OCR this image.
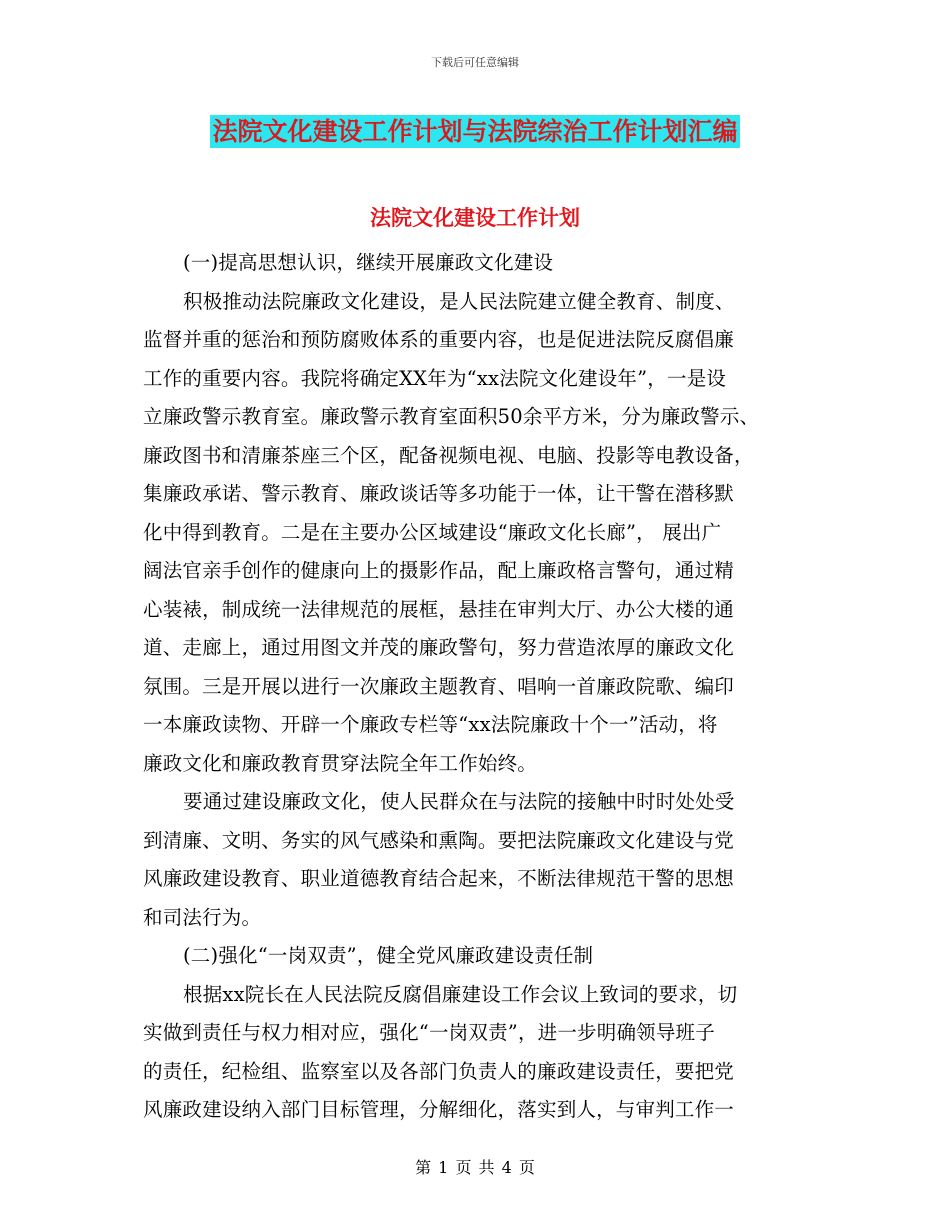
下载后可任意编辑
法院文化建设工作计划与法院综治工作计划汇编
法院文化建设工作计划
(一)提高思想认识，继续开展廉政文化建设
积极推动法院廉政文化建设，是人民法院建立健全教育、制度、
监督并重的惩治和预防腐败体系的重要内容，也是促进法院反腐倡廉
工作的重要内容。我院将确定XX年为“xx法院文化建设年”，一是设
立廉政警示教育室。廉政警示教育室面积50余平方米，分为廉政警示、
廉政图书和清廉茶座三个区，配备视频电视、电脑、投影等电教设备，
集廉政承诺、警示教育、廉政谈话等多功能于一体，让干警在潜移默
化中得到教育。二是在主要办公区域建设“廉政文化长廊”， 展出广
阔法官亲手创作的健康向上的摄影作品，配上廉政格言警句，通过精
心装裱，制成统一法律规范的展框，悬挂在审判大厅、办公大楼的通
道、走廊上，通过用图文并茂的廉政警句，努力营造浓厚的廉政文化
氛围。三是开展以进行一次廉政主题教育、唱响一首廉政院歌、编印
一本廉政读物、开辟一个廉政专栏等“xx法院廉政十个一”活动，将
廉政文化和廉政教育贯穿法院全年工作始终。
要通过建设廉政文化，使人民群众在与法院的接触中时时处处受
到清廉、文明、务实的风气感染和熏陶。要把法院廉政文化建设与党
风廉政建设教育、职业道德教育结合起来，不断法律规范干警的思想
和司法行为。
(二)强化“一岗双责”，健全党风廉政建设责任制
根据xx院长在人民法院反腐倡廉建设工作会议上致词的要求，切
实做到责任与权力相对应，强化“一岗双责”，进一步明确领导班子
的责任，纪检组、监察室以及各部门负责人的廉政建设责任，要把党
风廉政建设纳入部门目标管理，分解细化，落实到人，与审判工作一
第 1 页 共 4 页
